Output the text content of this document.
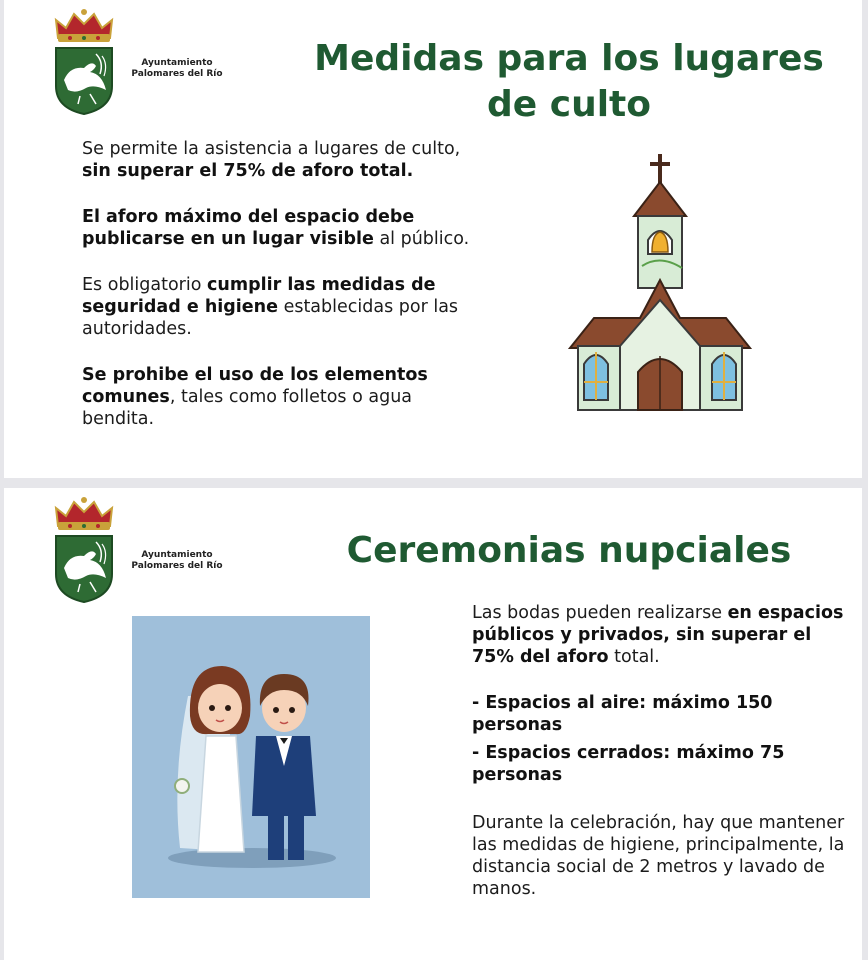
Ayuntamiento
Palomares del Río	Medidas para los lugares de culto

Se permite la asistencia a lugares de culto, sin superar el 75% de aforo total.

El aforo máximo del espacio debe publicarse en un lugar visible al público.

Es obligatorio cumplir las medidas de seguridad e higiene establecidas por las autoridades.

Se prohibe el uso de los elementos comunes, tales como folletos o agua bendita.

Ayuntamiento
Palomares del Río	Ceremonias nupciales

Las bodas pueden realizarse en espacios públicos y privados, sin superar el 75% del aforo total.

- Espacios al aire: máximo 150 personas

- Espacios cerrados: máximo 75 personas

Durante la celebración, hay que mantener las medidas de higiene, principalmente, la distancia social de 2 metros y lavado de manos.
